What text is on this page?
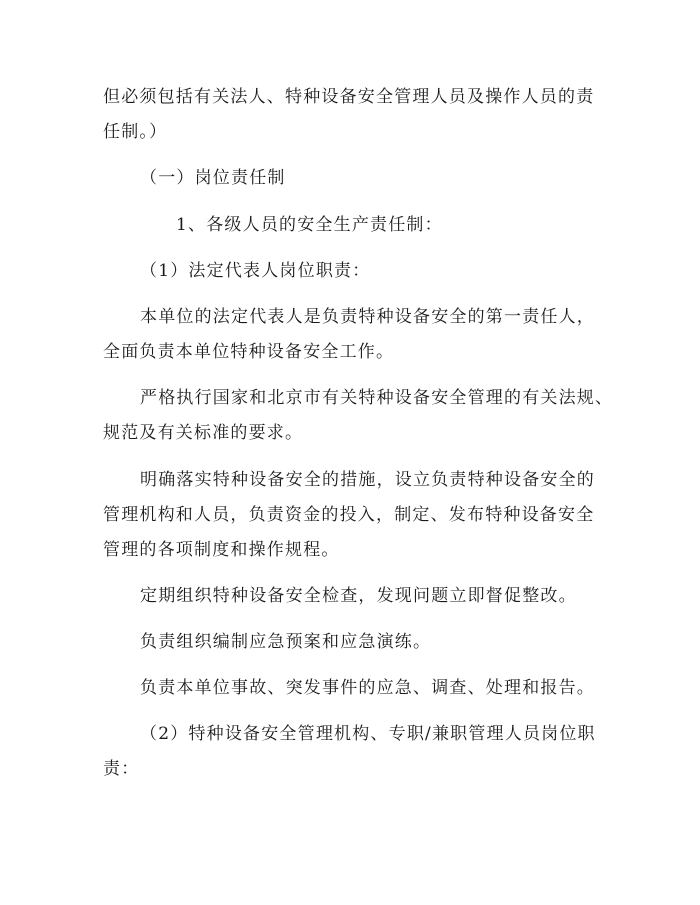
但必须包括有关法人、特种设备安全管理人员及操作人员的责
任制。）
（一）岗位责任制
1、各级人员的安全生产责任制：
（1）法定代表人岗位职责：
本单位的法定代表人是负责特种设备安全的第一责任人，
全面负责本单位特种设备安全工作。
严格执行国家和北京市有关特种设备安全管理的有关法规、
规范及有关标准的要求。
明确落实特种设备安全的措施，设立负责特种设备安全的
管理机构和人员，负责资金的投入，制定、发布特种设备安全
管理的各项制度和操作规程。
定期组织特种设备安全检查，发现问题立即督促整改。
负责组织编制应急预案和应急演练。
负责本单位事故、突发事件的应急、调查、处理和报告。
（2）特种设备安全管理机构、专职/兼职管理人员岗位职
责：
